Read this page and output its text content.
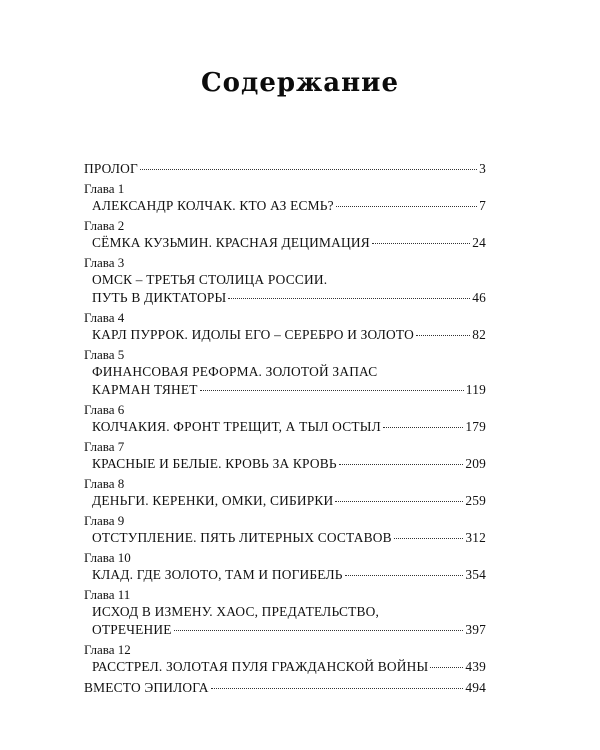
Содержание
ПРОЛОГ	3
Глава 1
АЛЕКСАНДР КОЛЧАК. КТО АЗ ЕСМЬ?	7
Глава 2
СЁМКА КУЗЬМИН. КРАСНАЯ ДЕЦИМАЦИЯ	24
Глава 3
ОМСК – ТРЕТЬЯ СТОЛИЦА РОССИИ.
ПУТЬ В ДИКТАТОРЫ	46
Глава 4
КАРЛ ПУРРОК. ИДОЛЫ ЕГО – СЕРЕБРО И ЗОЛОТО	82
Глава 5
ФИНАНСОВАЯ РЕФОРМА. ЗОЛОТОЙ ЗАПАС
КАРМАН ТЯНЕТ	119
Глава 6
КОЛЧАКИЯ. ФРОНТ ТРЕЩИТ, А ТЫЛ ОСТЫЛ	179
Глава 7
КРАСНЫЕ И БЕЛЫЕ. КРОВЬ ЗА КРОВЬ	209
Глава 8
ДЕНЬГИ. КЕРЕНКИ, ОМКИ, СИБИРКИ	259
Глава 9
ОТСТУПЛЕНИЕ. ПЯТЬ ЛИТЕРНЫХ СОСТАВОВ	312
Глава 10
КЛАД. ГДЕ ЗОЛОТО, ТАМ И ПОГИБЕЛЬ	354
Глава 11
ИСХОД В ИЗМЕНУ. ХАОС, ПРЕДАТЕЛЬСТВО,
ОТРЕЧЕНИЕ	397
Глава 12
РАССТРЕЛ. ЗОЛОТАЯ ПУЛЯ ГРАЖДАНСКОЙ ВОЙНЫ	439
ВМЕСТО ЭПИЛОГА	494
